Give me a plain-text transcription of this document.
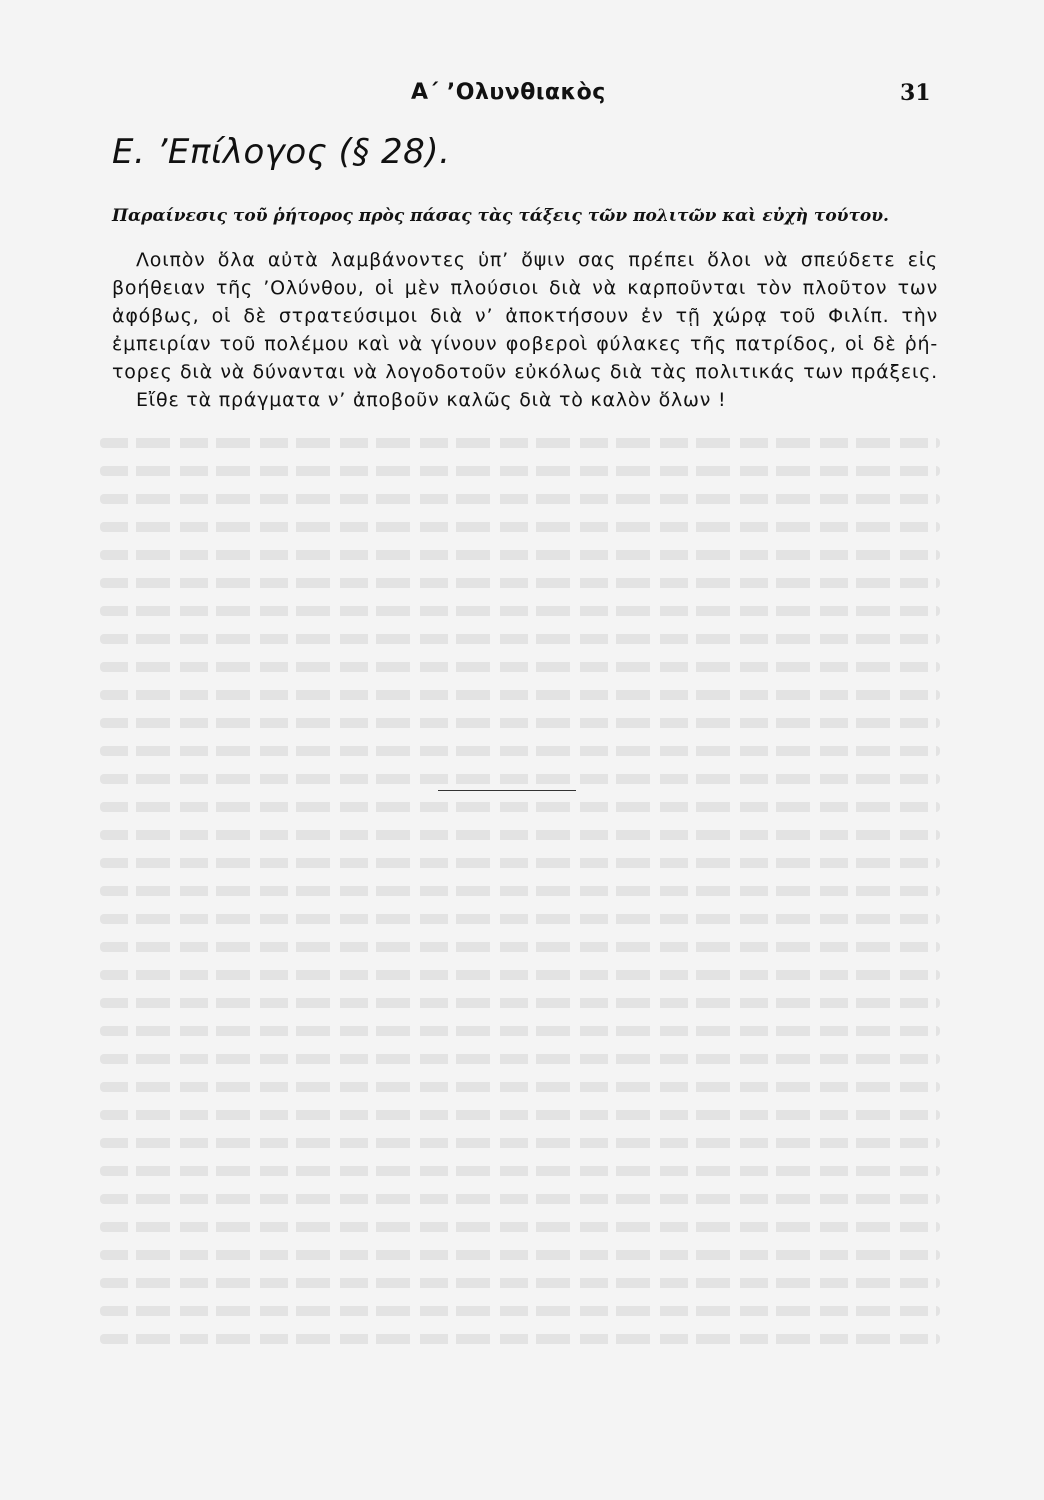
Α΄ ’Ολυνθιακὸς	31
Ε. ’Επίλογος (§ 28).
Παραίνεσις τοῦ ῥήτορος πρὸς πάσας τὰς τάξεις τῶν πολιτῶν καὶ εὐχὴ τούτου.
Λοιπὸν ὅλα αὐτὰ λαμβάνοντες ὑπ’ ὄψιν σας πρέπει ὅλοι νὰ σπεύδετε εἰς
βοήθειαν τῆς ’Ολύνθου, οἱ μὲν πλούσιοι διὰ νὰ καρποῦνται τὸν πλοῦτον των
ἀφόβως, οἱ δὲ στρατεύσιμοι διὰ ν’ ἀποκτήσουν ἐν τῇ χώρᾳ τοῦ Φιλίπ. τὴν
ἐμπειρίαν τοῦ πολέμου καὶ νὰ γίνουν φοβεροὶ φύλακες τῆς πατρίδος, οἱ δὲ ῥή-
τορες διὰ νὰ δύνανται νὰ λογοδοτοῦν εὐκόλως διὰ τὰς πολιτικάς των πράξεις.
Εἴθε τὰ πράγματα ν’ ἀποβοῦν καλῶς διὰ τὸ καλὸν ὅλων !
